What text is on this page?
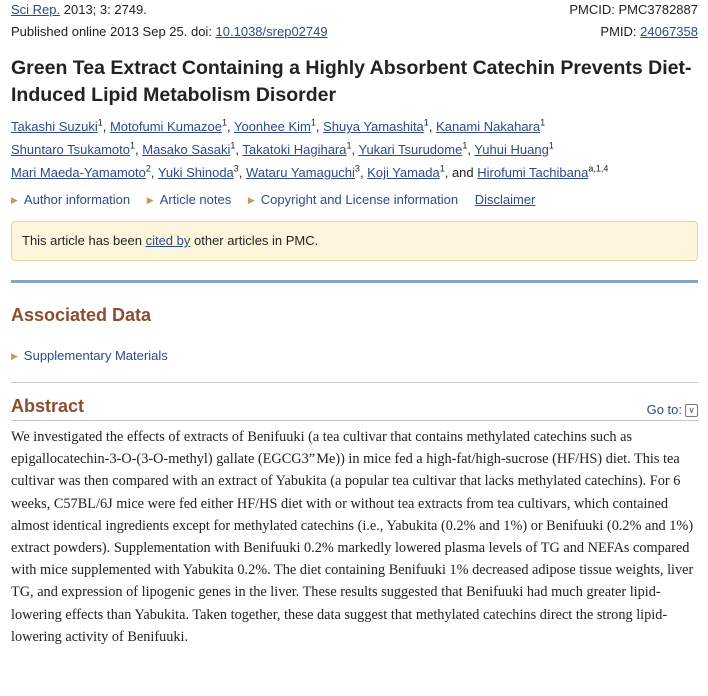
Sci Rep. 2013; 3: 2749.	PMCID: PMC3782887
Published online 2013 Sep 25. doi: 10.1038/srep02749	PMID: 24067358
Green Tea Extract Containing a Highly Absorbent Catechin Prevents Diet-Induced Lipid Metabolism Disorder
Takashi Suzuki$^1$, Motofumi Kumazoe$^1$, Yoonhee Kim$^1$, Shuya Yamashita$^1$, Kanami Nakahara$^1$
Shuntaro Tsukamoto$^1$, Masako Sasaki$^1$, Takatoki Hagihara$^1$, Yukari Tsurudome$^1$, Yuhui Huang$^1$
Mari Maeda-Yamamoto$^2$, Yuki Shinoda$^3$, Wataru Yamaguchi$^3$, Koji Yamada$^1$, and Hirofumi Tachibana$^{a,1,4}$
▶ Author information ▶ Article notes ▶ Copyright and License information Disclaimer
This article has been cited by other articles in PMC.
Associated Data
▶ Supplementary Materials
Abstract	Go to: ∨
We investigated the effects of extracts of Benifuuki (a tea cultivar that contains methylated catechins such as epigallocatechin-3-O-(3-O-methyl) gallate (EGCG3” Me)) in mice fed a high-fat/high-sucrose (HF/HS) diet. This tea cultivar was then compared with an extract of Yabukita (a popular tea cultivar that lacks methylated catechins). For 6 weeks, C57BL/6J mice were fed either HF/HS diet with or without tea extracts from tea cultivars, which contained almost identical ingredients except for methylated catechins (i.e., Yabukita (0.2% and 1%) or Benifuuki (0.2% and 1%) extract powders). Supplementation with Benifuuki 0.2% markedly lowered plasma levels of TG and NEFAs compared with mice supplemented with Yabukita 0.2%. The diet containing Benifuuki 1% decreased adipose tissue weights, liver TG, and expression of lipogenic genes in the liver. These results suggested that Benifuuki had much greater lipid-lowering effects than Yabukita. Taken together, these data suggest that methylated catechins direct the strong lipid-lowering activity of Benifuuki.
